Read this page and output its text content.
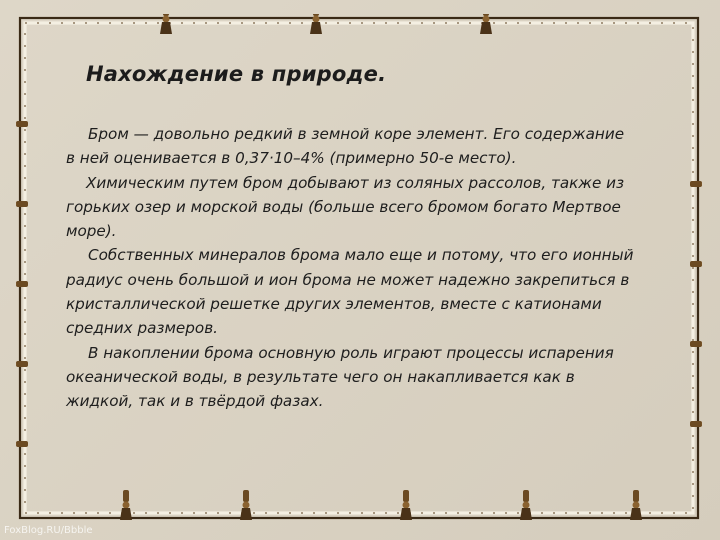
Нахождение в природе.

Бром — довольно редкий в земной коре элемент. Его содержание в ней оценивается в 0,37·10–4% (примерно 50-е место).

Химическим путем бром добывают из соляных рассолов, также из горьких озер и морской воды (больше всего бромом богато Мертвое море).

Собственных минералов брома мало еще и потому, что его ионный радиус очень большой и ион брома не может надежно закрепиться в кристаллической решетке других элементов, вместе с катионами средних размеров.

В накоплении брома основную роль играют процессы испарения океанической воды, в результате чего он накапливается как в жидкой, так и в твёрдой фазах.

FoxBlog.RU/Bbble
